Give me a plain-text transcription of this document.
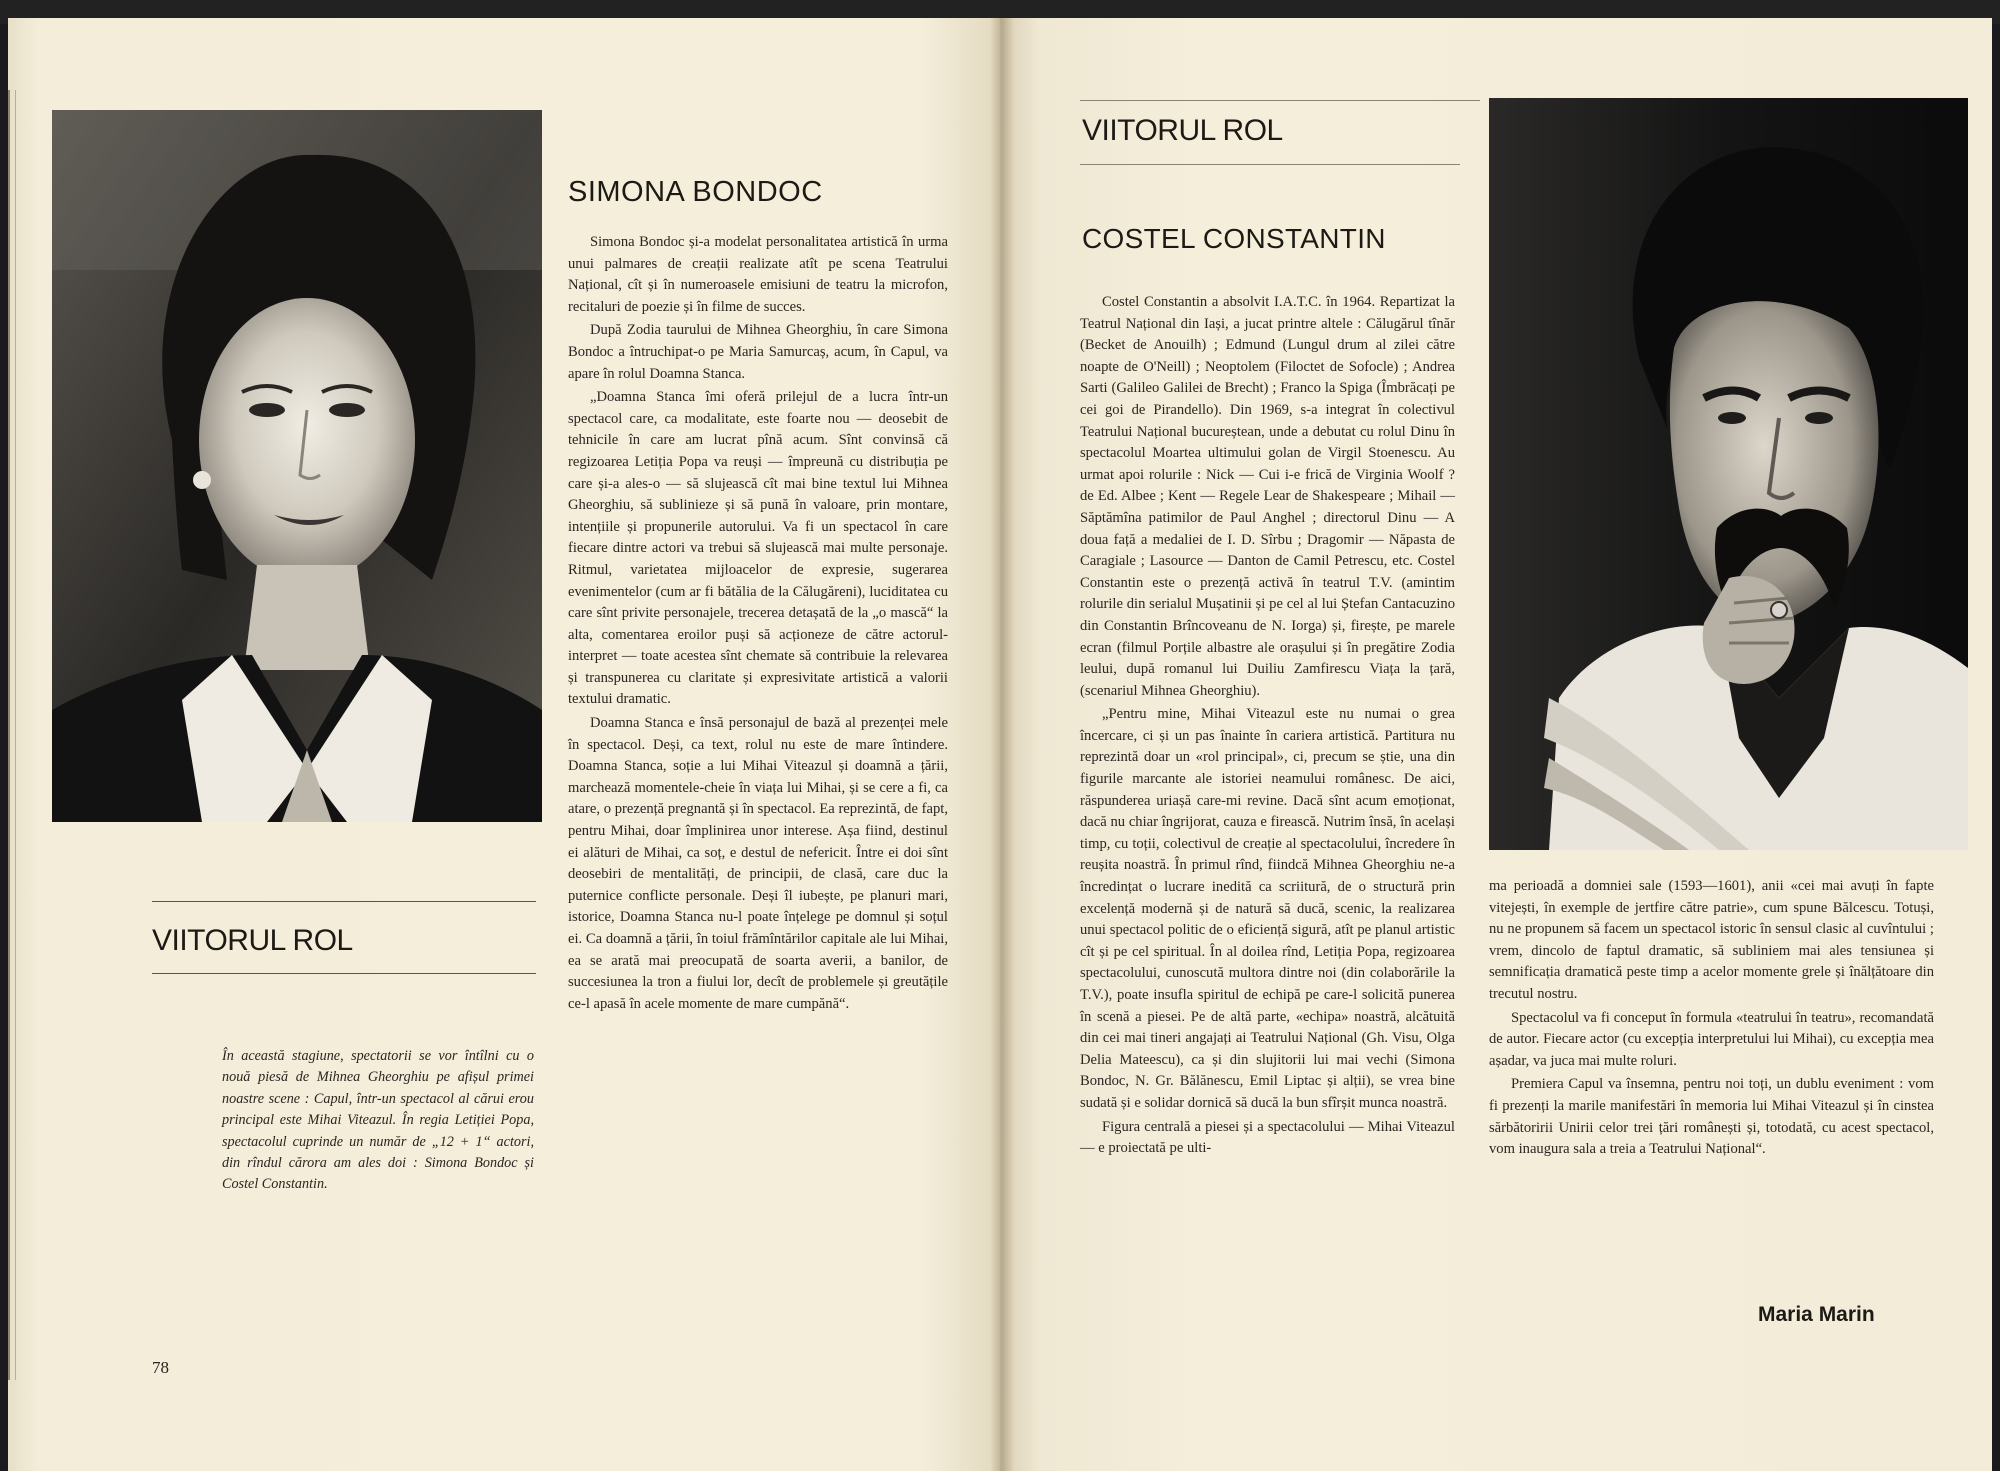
VIITORUL ROL
În această stagiune, spectatorii se vor întîlni cu o nouă piesă de Mihnea Gheorghiu pe afișul primei noastre scene : Capul, într-un spectacol al cărui erou principal este Mihai Viteazul. În regia Letiției Popa, spectacolul cuprinde un număr de „12 + 1“ actori, din rîndul cărora am ales doi : Simona Bondoc și Costel Constantin.
78
SIMONA BONDOC

Simona Bondoc și-a modelat personalitatea artistică în urma unui palmares de creații realizate atît pe scena Teatrului Național, cît și în numeroasele emisiuni de teatru la microfon, recitaluri de poezie și în filme de succes.

După Zodia taurului de Mihnea Gheorghiu, în care Simona Bondoc a întruchipat-o pe Maria Samurcaș, acum, în Capul, va apare în rolul Doamna Stanca.

„Doamna Stanca îmi oferă prilejul de a lucra într-un spectacol care, ca modalitate, este foarte nou — deosebit de tehnicile în care am lucrat pînă acum. Sînt convinsă că regizoarea Letiția Popa va reuși — împreună cu distribuția pe care și-a ales-o — să slujească cît mai bine textul lui Mihnea Gheorghiu, să sublinieze și să pună în valoare, prin montare, intențiile și propunerile autorului. Va fi un spectacol în care fiecare dintre actori va trebui să slujească mai multe personaje. Ritmul, varietatea mijloacelor de expresie, sugerarea evenimentelor (cum ar fi bătălia de la Călugăreni), luciditatea cu care sînt privite personajele, trecerea detașată de la „o mască“ la alta, comentarea eroilor puși să acționeze de către actorul-interpret — toate acestea sînt chemate să contribuie la relevarea și transpunerea cu claritate și expresivitate artistică a valorii textului dramatic.

Doamna Stanca e însă personajul de bază al prezenței mele în spectacol. Deși, ca text, rolul nu este de mare întindere. Doamna Stanca, soție a lui Mihai Viteazul și doamnă a țării, marchează momentele-cheie în viața lui Mihai, și se cere a fi, ca atare, o prezență pregnantă și în spectacol. Ea reprezintă, de fapt, pentru Mihai, doar împlinirea unor interese. Așa fiind, destinul ei alături de Mihai, ca soț, e destul de nefericit. Între ei doi sînt deosebiri de mentalități, de principii, de clasă, care duc la puternice conflicte personale. Deși îl iubește, pe planuri mari, istorice, Doamna Stanca nu-l poate înțelege pe domnul și soțul ei. Ca doamnă a țării, în toiul frămîntărilor capitale ale lui Mihai, ea se arată mai preocupată de soarta averii, a banilor, de succesiunea la tron a fiului lor, decît de problemele și greutățile ce-l apasă în acele momente de mare cumpănă“.

VIITORUL ROL
COSTEL CONSTANTIN

Costel Constantin a absolvit I.A.T.C. în 1964. Repartizat la Teatrul Național din Iași, a jucat printre altele : Călugărul tînăr (Becket de Anouilh) ; Edmund (Lungul drum al zilei către noapte de O'Neill) ; Neoptolem (Filoctet de Sofocle) ; Andrea Sarti (Galileo Galilei de Brecht) ; Franco la Spiga (Îmbrăcați pe cei goi de Pirandello). Din 1969, s-a integrat în colectivul Teatrului Național bucureștean, unde a debutat cu rolul Dinu în spectacolul Moartea ultimului golan de Virgil Stoenescu. Au urmat apoi rolurile : Nick — Cui i-e frică de Virginia Woolf ? de Ed. Albee ; Kent — Regele Lear de Shakespeare ; Mihail — Săptămîna patimilor de Paul Anghel ; directorul Dinu — A doua față a medaliei de I. D. Sîrbu ; Dragomir — Năpasta de Caragiale ; Lasource — Danton de Camil Petrescu, etc. Costel Constantin este o prezență activă în teatrul T.V. (amintim rolurile din serialul Mușatinii și pe cel al lui Ștefan Cantacuzino din Constantin Brîncoveanu de N. Iorga) și, firește, pe marele ecran (filmul Porțile albastre ale orașului și în pregătire Zodia leului, după romanul lui Duiliu Zamfirescu Viața la țară, (scenariul Mihnea Gheorghiu).

„Pentru mine, Mihai Viteazul este nu numai o grea încercare, ci și un pas înainte în cariera artistică. Partitura nu reprezintă doar un «rol principal», ci, precum se știe, una din figurile marcante ale istoriei neamului românesc. De aici, răspunderea uriașă care-mi revine. Dacă sînt acum emoționat, dacă nu chiar îngrijorat, cauza e firească. Nutrim însă, în același timp, cu toții, colectivul de creație al spectacolului, încredere în reușita noastră. În primul rînd, fiindcă Mihnea Gheorghiu ne-a încredințat o lucrare inedită ca scriitură, de o structură prin excelență modernă și de natură să ducă, scenic, la realizarea unui spectacol politic de o eficiență sigură, atît pe planul artistic cît și pe cel spiritual. În al doilea rînd, Letiția Popa, regizoarea spectacolului, cunoscută multora dintre noi (din colaborările la T.V.), poate insufla spiritul de echipă pe care-l solicită punerea în scenă a piesei. Pe de altă parte, «echipa» noastră, alcătuită din cei mai tineri angajați ai Teatrului Național (Gh. Visu, Olga Delia Mateescu), ca și din slujitorii lui mai vechi (Simona Bondoc, N. Gr. Bălănescu, Emil Liptac și alții), se vrea bine sudată și e solidar dornică să ducă la bun sfîrșit munca noastră.

Figura centrală a piesei și a spectacolului — Mihai Viteazul — e proiectată pe ulti-

ma perioadă a domniei sale (1593—1601), anii «cei mai avuți în fapte vitejești, în exemple de jertfire către patrie», cum spune Bălcescu. Totuși, nu ne propunem să facem un spectacol istoric în sensul clasic al cuvîntului ; vrem, dincolo de faptul dramatic, să subliniem mai ales tensiunea și semnificația dramatică peste timp a acelor momente grele și înălțătoare din trecutul nostru.

Spectacolul va fi conceput în formula «teatrului în teatru», recomandată de autor. Fiecare actor (cu excepția interpretului lui Mihai), cu excepția mea așadar, va juca mai multe roluri.

Premiera Capul va însemna, pentru noi toți, un dublu eveniment : vom fi prezenți la marile manifestări în memoria lui Mihai Viteazul și în cinstea sărbătoririi Unirii celor trei țări românești și, totodată, cu acest spectacol, vom inaugura sala a treia a Teatrului Național“.

Maria Marin
